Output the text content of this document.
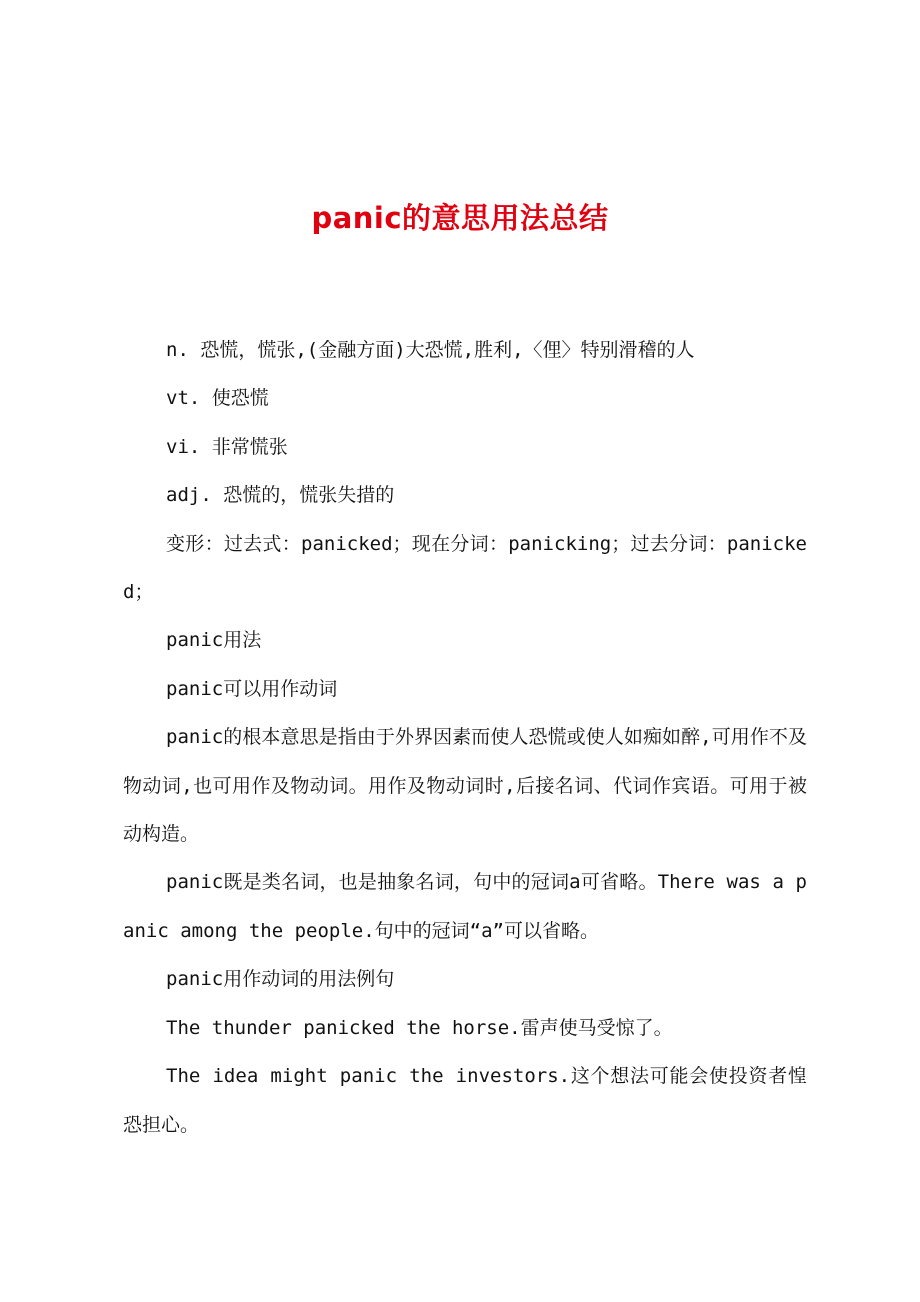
panic的意思用法总结

n. 恐慌，慌张,(金融方面)大恐慌,胜利,〈俚〉特别滑稽的人

vt. 使恐慌

vi. 非常慌张

adj. 恐慌的，慌张失措的

变形：过去式：panicked；现在分词：panicking；过去分词：panicked；

panic用法

panic可以用作动词

panic的根本意思是指由于外界因素而使人恐慌或使人如痴如醉,可用作不及物动词,也可用作及物动词。用作及物动词时,后接名词、代词作宾语。可用于被动构造。

panic既是类名词，也是抽象名词，句中的冠词a可省略。There was a panic among the people.句中的冠词“a”可以省略。

panic用作动词的用法例句

The thunder panicked the horse.雷声使马受惊了。

The idea might panic the investors.这个想法可能会使投资者惶恐担心。
